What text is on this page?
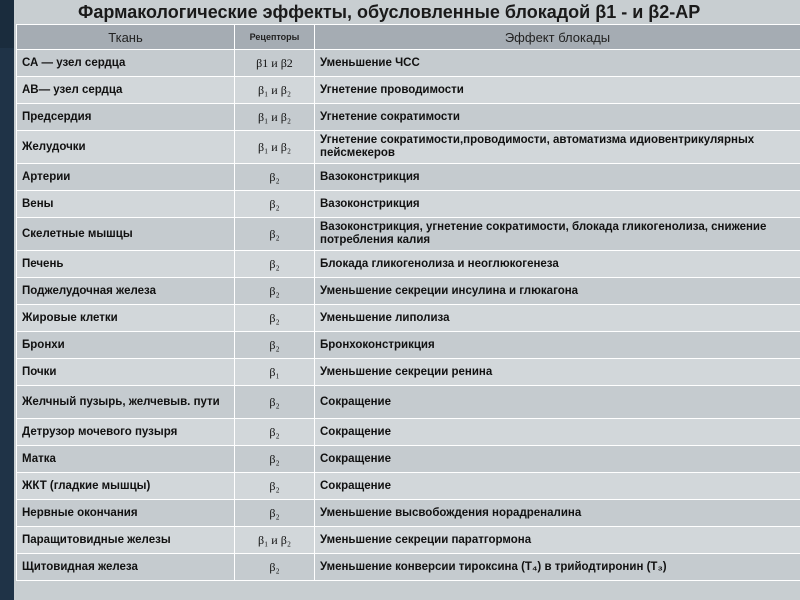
Фармакологические эффекты, обусловленные блокадой β1 - и β2-АР
Ткань	Рецепторы	Эффект блокады
СА — узел сердца	β1 и β2	Уменьшение ЧСС
АВ— узел сердца	β₁ и β₂	Угнетение проводимости
Предсердия	β₁ и β₂	Угнетение сократимости
Желудочки	β₁ и β₂	Угнетение сократимости,проводимости, автоматизма идиовентрикулярных пейсмекеров
Артерии	β₂	Вазоконстрикция
Вены	β₂	Вазоконстрикция
Скелетные мышцы	β₂	Вазоконстрикция, угнетение сократимости, блокада гликогенолиза, снижение потребления калия
Печень	β₂	Блокада гликогенолиза и неоглюкогенеза
Поджелудочная железа	β₂	Уменьшение секреции инсулина и глюкагона
Жировые клетки	β₂	Уменьшение липолиза
Бронхи	β₂	Бронхоконстрикция
Почки	β₁	Уменьшение секреции ренина
Желчный пузырь, желчевыв. пути	β₂	Сокращение
Детрузор мочевого пузыря	β₂	Сокращение
Матка	β₂	Сокращение
ЖКТ (гладкие мышцы)	β₂	Сокращение
Нервные окончания	β₂	Уменьшение высвобождения норадреналина
Паращитовидные железы	β₁ и β₂	Уменьшение секреции паратгормона
Щитовидная железа	β₂	Уменьшение конверсии тироксина (T₄) в трийодтиронин (T₃)
